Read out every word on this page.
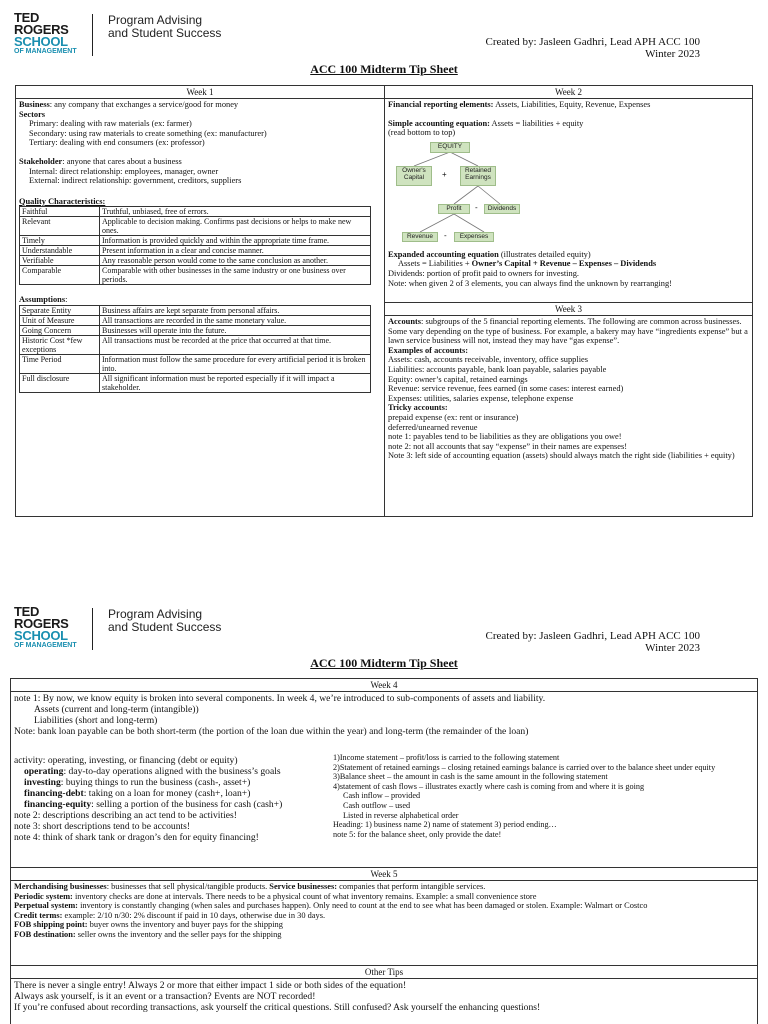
TED
ROGERS
SCHOOL
OF MANAGEMENT
Program Advising
and Student Success
Created by: Jasleen Gadhri, Lead APH ACC 100
Winter 2023
ACC 100 Midterm Tip Sheet
Week 1
Business: any company that exchanges a service/good for money
Sectors
Primary: dealing with raw materials (ex: farmer)
Secondary: using raw materials to create something (ex: manufacturer)
Tertiary: dealing with end consumers (ex: professor)
Stakeholder: anyone that cares about a business
Internal: direct relationship: employees, manager, owner
External: indirect relationship: government, creditors, suppliers
Quality Characteristics:
Faithful	Truthful, unbiased, free of errors.
Relevant	Applicable to decision making. Confirms past decisions or helps to make new ones.
Timely	Information is provided quickly and within the appropriate time frame.
Understandable	Present information in a clear and concise manner.
Verifiable	Any reasonable person would come to the same conclusion as another.
Comparable	Comparable with other businesses in the same industry or one business over periods.
Assumptions:
Separate Entity	Business affairs are kept separate from personal affairs.
Unit of Measure	All transactions are recorded in the same monetary value.
Going Concern	Businesses will operate into the future.
Historic Cost *few exceptions	All transactions must be recorded at the price that occurred at that time.
Time Period	Information must follow the same procedure for every artificial period it is broken into.
Full disclosure	All significant information must be reported especially if it will impact a stakeholder.
Week 2
Financial reporting elements: Assets, Liabilities, Equity, Revenue, Expenses
Simple accounting equation: Assets = liabilities + equity
(read bottom to top)
EQUITY
Owner's Capital	+	Retained Earnings
Profit	-	Dividends
Revenue	-	Expenses
Expanded accounting equation (illustrates detailed equity)
Assets = Liabilities + Owner’s Capital + Revenue – Expenses – Dividends
Dividends: portion of profit paid to owners for investing.
Note: when given 2 of 3 elements, you can always find the unknown by rearranging!
Week 3
Accounts: subgroups of the 5 financial reporting elements. The following are common across businesses. Some vary depending on the type of business. For example, a bakery may have “ingredients expense” but a lawn service business will not, instead they may have “gas expense”.
Examples of accounts:
Assets: cash, accounts receivable, inventory, office supplies
Liabilities: accounts payable, bank loan payable, salaries payable
Equity: owner’s capital, retained earnings
Revenue: service revenue, fees earned (in some cases: interest earned)
Expenses: utilities, salaries expense, telephone expense
Tricky accounts:
prepaid expense (ex: rent or insurance)
deferred/unearned revenue
note 1: payables tend to be liabilities as they are obligations you owe!
note 2: not all accounts that say “expense” in their names are expenses!
Note 3: left side of accounting equation (assets) should always match the right side (liabilities + equity)
TED
ROGERS
SCHOOL
OF MANAGEMENT
Program Advising
and Student Success
Created by: Jasleen Gadhri, Lead APH ACC 100
Winter 2023
ACC 100 Midterm Tip Sheet
Week 4
note 1: By now, we know equity is broken into several components. In week 4, we’re introduced to sub-components of assets and liability.
Assets (current and long-term (intangible))
Liabilities (short and long-term)
Note: bank loan payable can be both short-term (the portion of the loan due within the year) and long-term (the remainder of the loan)
activity: operating, investing, or financing (debt or equity)
operating: day-to-day operations aligned with the business’s goals
investing: buying things to run the business (cash-, asset+)
financing-debt: taking on a loan for money (cash+, loan+)
financing-equity: selling a portion of the business for cash (cash+)
note 2: descriptions describing an act tend to be activities!
note 3: short descriptions tend to be accounts!
note 4: think of shark tank or dragon’s den for equity financing!
1)Income statement – profit/loss is carried to the following statement
2)Statement of retained earnings – closing retained earnings balance is carried over to the balance sheet under equity
3)Balance sheet – the amount in cash is the same amount in the following statement
4)statement of cash flows – illustrates exactly where cash is coming from and where it is going
Cash inflow – provided
Cash outflow – used
Listed in reverse alphabetical order
Heading: 1) business name 2) name of statement 3) period ending…
note 5: for the balance sheet, only provide the date!
Week 5
Merchandising businesses: businesses that sell physical/tangible products. Service businesses: companies that perform intangible services.
Periodic system: inventory checks are done at intervals. There needs to be a physical count of what inventory remains. Example: a small convenience store
Perpetual system: inventory is constantly changing (when sales and purchases happen). Only need to count at the end to see what has been damaged or stolen. Example: Walmart or Costco
Credit terms: example: 2/10 n/30: 2% discount if paid in 10 days, otherwise due in 30 days.
FOB shipping point: buyer owns the inventory and buyer pays for the shipping
FOB destination: seller owns the inventory and the seller pays for the shipping
Other Tips
There is never a single entry! Always 2 or more that either impact 1 side or both sides of the equation!
Always ask yourself, is it an event or a transaction? Events are NOT recorded!
If you’re confused about recording transactions, ask yourself the critical questions. Still confused? Ask yourself the enhancing questions!
